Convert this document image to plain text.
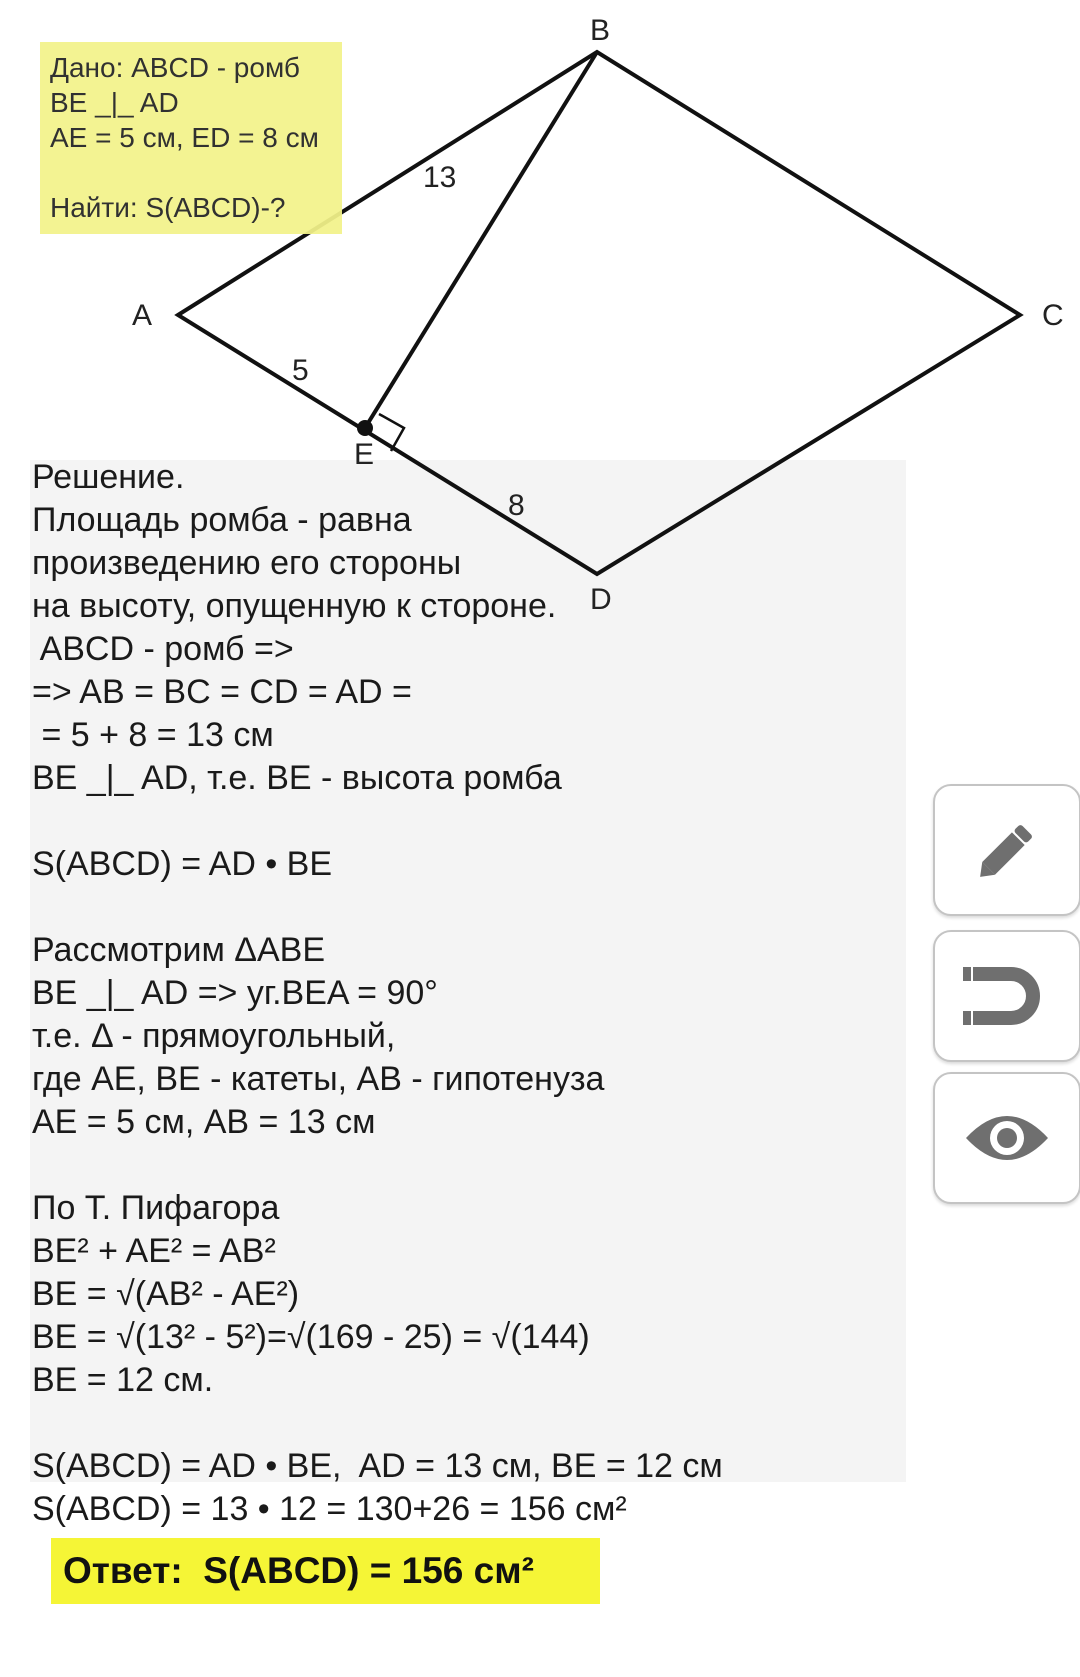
B
A	C
E
D
13
5
8
Дано: ABCD - ромб
BE _|_ AD
AE = 5 см, ED = 8 см
Найти: S(ABCD)-?
Решение.
Площадь ромба - равна
произведению его стороны
на высоту, опущенную к стороне.
ABCD - ромб =>
=> AB = BC = CD = AD =
= 5 + 8 = 13 см
BE _|_ AD, т.е. BE - высота ромба
S(ABCD) = AD • BE
Рассмотрим ΔABE
BE _|_ AD => уг.BEA = 90°
т.е. Δ - прямоугольный,
где AE, BE - катеты, AB - гипотенуза
AE = 5 см, AB = 13 см
По Т. Пифагора
BE² + AE² = AB²
BE = √(AB² - AE²)
BE = √(13² - 5²)=√(169 - 25) = √(144)
BE = 12 см.
S(ABCD) = AD • BE,  AD = 13 см, BE = 12 см
S(ABCD) = 13 • 12 = 130+26 = 156 см²
Ответ:  S(ABCD) = 156 см²
